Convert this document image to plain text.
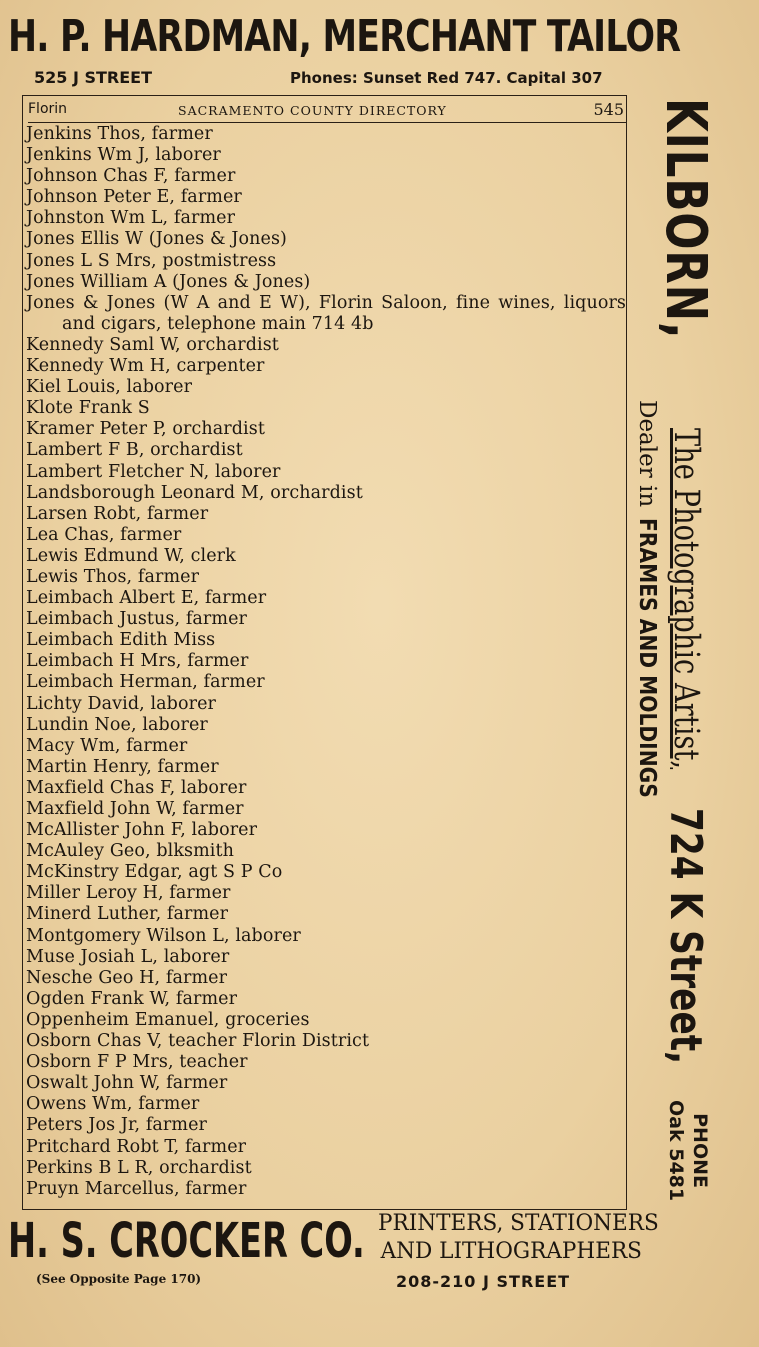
H. P. HARDMAN, MERCHANT TAILOR
525 J STREET	Phones: Sunset Red 747. Capital 307
Florin	SACRAMENTO COUNTY DIRECTORY	545
Jenkins Thos, farmer
Jenkins Wm J, laborer
Johnson Chas F, farmer
Johnson Peter E, farmer
Johnston Wm L, farmer
Jones Ellis W (Jones & Jones)
Jones L S Mrs, postmistress
Jones William A (Jones & Jones)
Jones & Jones (W A and E W), Florin Saloon, fine wines, liquors and cigars, telephone main 714 4b
Kennedy Saml W, orchardist
Kennedy Wm H, carpenter
Kiel Louis, laborer
Klote Frank S
Kramer Peter P, orchardist
Lambert F B, orchardist
Lambert Fletcher N, laborer
Landsborough Leonard M, orchardist
Larsen Robt, farmer
Lea Chas, farmer
Lewis Edmund W, clerk
Lewis Thos, farmer
Leimbach Albert E, farmer
Leimbach Justus, farmer
Leimbach Edith Miss
Leimbach H Mrs, farmer
Leimbach Herman, farmer
Lichty David, laborer
Lundin Noe, laborer
Macy Wm, farmer
Martin Henry, farmer
Maxfield Chas F, laborer
Maxfield John W, farmer
McAllister John F, laborer
McAuley Geo, blksmith
McKinstry Edgar, agt S P Co
Miller Leroy H, farmer
Minerd Luther, farmer
Montgomery Wilson L, laborer
Muse Josiah L, laborer
Nesche Geo H, farmer
Ogden Frank W, farmer
Oppenheim Emanuel, groceries
Osborn Chas V, teacher Florin District
Osborn F P Mrs, teacher
Oswalt John W, farmer
Owens Wm, farmer
Peters Jos Jr, farmer
Pritchard Robt T, farmer
Perkins B L R, orchardist
Pruyn Marcellus, farmer
KILBORN,
The Photographic Artist,
724 K Street,
Dealer in FRAMES AND MOLDINGS
PHONE
Oak 5481
H. S. CROCKER CO. PRINTERS, STATIONERS
AND LITHOGRAPHERS
(See Opposite Page 170)	208-210 J STREET
